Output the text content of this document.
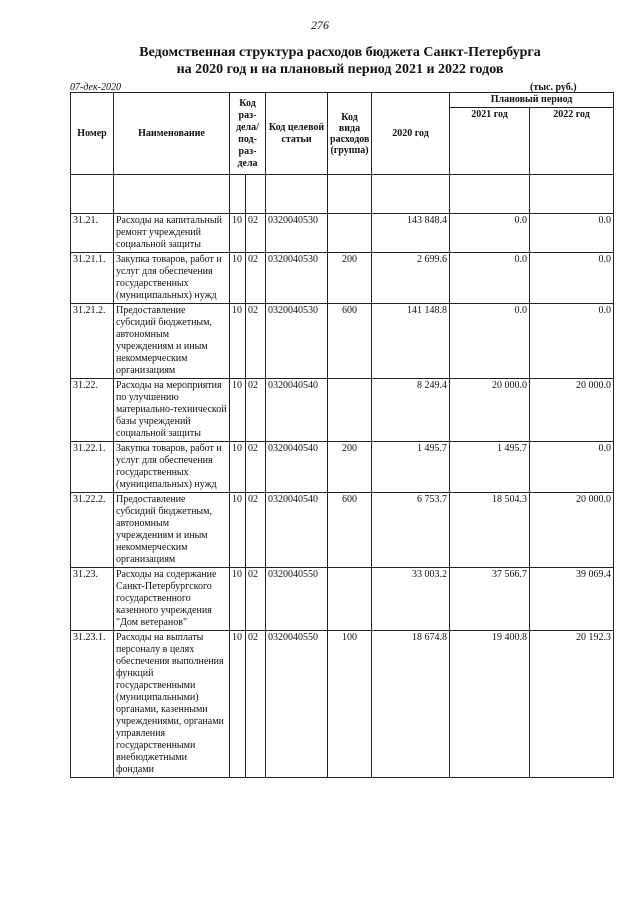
276
Ведомственная структура расходов бюджета Санкт-Петербурга
на 2020 год и на плановый период 2021 и 2022 годов
07-дек-2020	(тыс. руб.)
Номер	Наименование	Код раз-дела/ под-раз-дела		Код целевой статьи	Код вида расходов (группа)	2020 год	Плановый период	
							2021 год	2022 год

31.21.	Расходы на капитальный ремонт учреждений социальной защиты	10	02	0320040530		143 848.4	0.0	0.0
31.21.1.	Закупка товаров, работ и услуг для обеспечения государственных (муниципальных) нужд	10	02	0320040530	200	2 699.6	0.0	0.0
31.21.2.	Предоставление субсидий бюджетным, автономным учреждениям и иным некоммерческим организациям	10	02	0320040530	600	141 148.8	0.0	0.0
31.22.	Расходы на мероприятия по улучшению материально-технической базы учреждений социальной защиты	10	02	0320040540		8 249.4	20 000.0	20 000.0
31.22.1.	Закупка товаров, работ и услуг для обеспечения государственных (муниципальных) нужд	10	02	0320040540	200	1 495.7	1 495.7	0.0
31.22.2.	Предоставление субсидий бюджетным, автономным учреждениям и иным некоммерческим организациям	10	02	0320040540	600	6 753.7	18 504.3	20 000.0
31.23.	Расходы на содержание Санкт-Петербургского государственного казенного учреждения "Дом ветеранов"	10	02	0320040550		33 003.2	37 566.7	39 069.4
31.23.1.	Расходы на выплаты персоналу в целях обеспечения выполнения функций государственными (муниципальными) органами, казенными учреждениями, органами управления государственными внебюджетными фондами	10	02	0320040550	100	18 674.8	19 400.8	20 192.3
